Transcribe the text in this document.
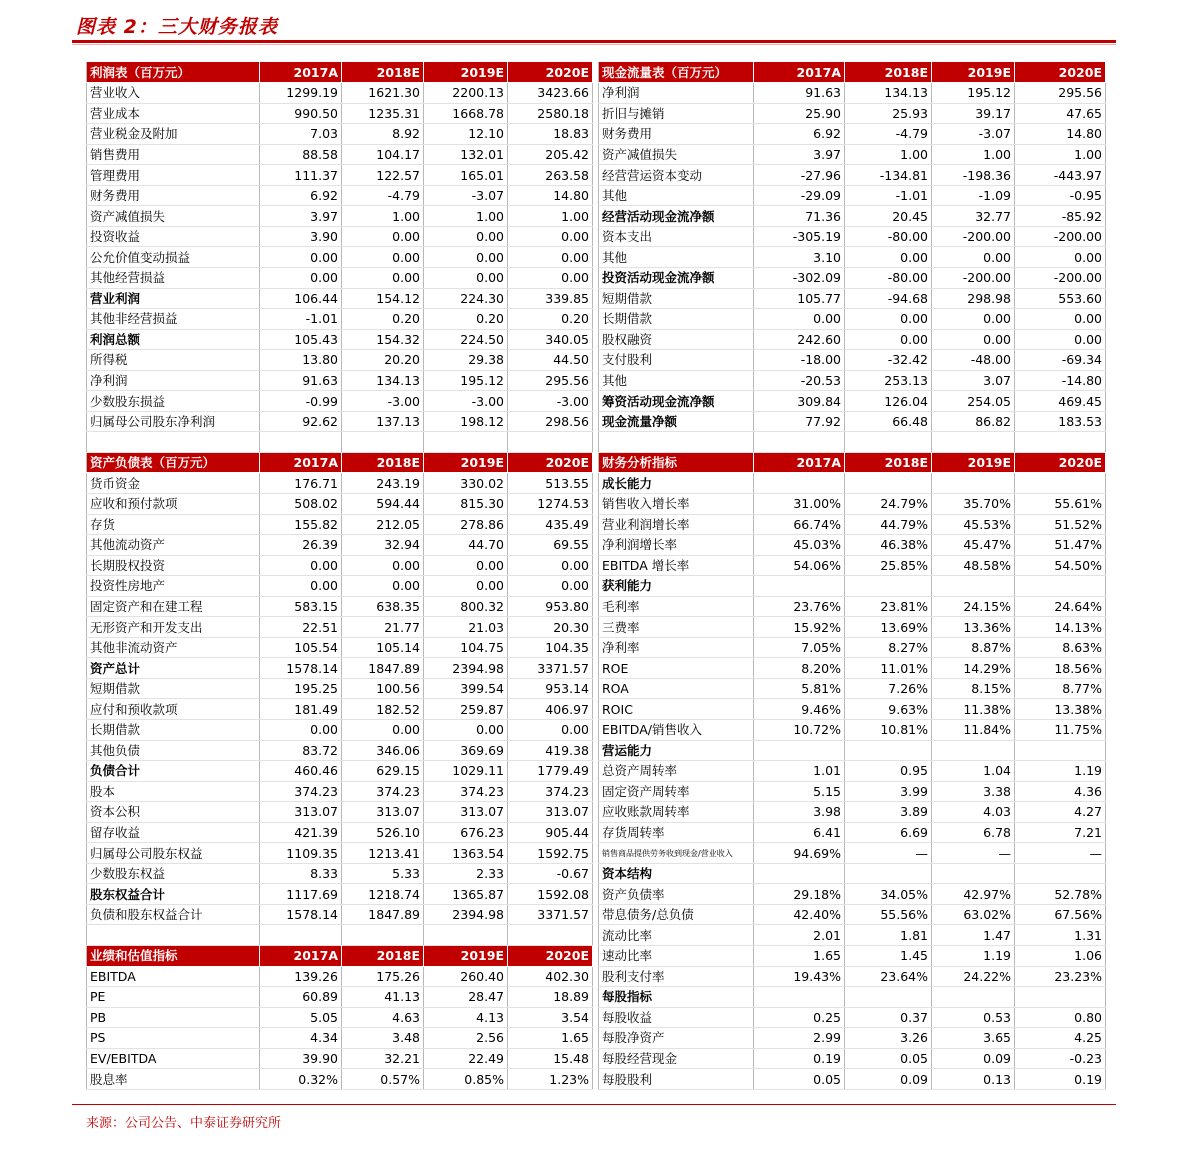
图表 2：三大财务报表
利润表（百万元）	2017A	2018E	2019E	2020E
营业收入	1299.19	1621.30	2200.13	3423.66
营业成本	990.50	1235.31	1668.78	2580.18
营业税金及附加	7.03	8.92	12.10	18.83
销售费用	88.58	104.17	132.01	205.42
管理费用	111.37	122.57	165.01	263.58
财务费用	6.92	-4.79	-3.07	14.80
资产减值损失	3.97	1.00	1.00	1.00
投资收益	3.90	0.00	0.00	0.00
公允价值变动损益	0.00	0.00	0.00	0.00
其他经营损益	0.00	0.00	0.00	0.00
营业利润	106.44	154.12	224.30	339.85
其他非经营损益	-1.01	0.20	0.20	0.20
利润总额	105.43	154.32	224.50	340.05
所得税	13.80	20.20	29.38	44.50
净利润	91.63	134.13	195.12	295.56
少数股东损益	-0.99	-3.00	-3.00	-3.00
归属母公司股东净利润	92.62	137.13	198.12	298.56

资产负债表（百万元）	2017A	2018E	2019E	2020E
货币资金	176.71	243.19	330.02	513.55
应收和预付款项	508.02	594.44	815.30	1274.53
存货	155.82	212.05	278.86	435.49
其他流动资产	26.39	32.94	44.70	69.55
长期股权投资	0.00	0.00	0.00	0.00
投资性房地产	0.00	0.00	0.00	0.00
固定资产和在建工程	583.15	638.35	800.32	953.80
无形资产和开发支出	22.51	21.77	21.03	20.30
其他非流动资产	105.54	105.14	104.75	104.35
资产总计	1578.14	1847.89	2394.98	3371.57
短期借款	195.25	100.56	399.54	953.14
应付和预收款项	181.49	182.52	259.87	406.97
长期借款	0.00	0.00	0.00	0.00
其他负债	83.72	346.06	369.69	419.38
负债合计	460.46	629.15	1029.11	1779.49
股本	374.23	374.23	374.23	374.23
资本公积	313.07	313.07	313.07	313.07
留存收益	421.39	526.10	676.23	905.44
归属母公司股东权益	1109.35	1213.41	1363.54	1592.75
少数股东权益	8.33	5.33	2.33	-0.67
股东权益合计	1117.69	1218.74	1365.87	1592.08
负债和股东权益合计	1578.14	1847.89	2394.98	3371.57

业绩和估值指标	2017A	2018E	2019E	2020E
EBITDA	139.26	175.26	260.40	402.30
PE	60.89	41.13	28.47	18.89
PB	5.05	4.63	4.13	3.54
PS	4.34	3.48	2.56	1.65
EV/EBITDA	39.90	32.21	22.49	15.48
股息率	0.32%	0.57%	0.85%	1.23%
现金流量表（百万元）	2017A	2018E	2019E	2020E
净利润	91.63	134.13	195.12	295.56
折旧与摊销	25.90	25.93	39.17	47.65
财务费用	6.92	-4.79	-3.07	14.80
资产减值损失	3.97	1.00	1.00	1.00
经营营运资本变动	-27.96	-134.81	-198.36	-443.97
其他	-29.09	-1.01	-1.09	-0.95
经营活动现金流净额	71.36	20.45	32.77	-85.92
资本支出	-305.19	-80.00	-200.00	-200.00
其他	3.10	0.00	0.00	0.00
投资活动现金流净额	-302.09	-80.00	-200.00	-200.00
短期借款	105.77	-94.68	298.98	553.60
长期借款	0.00	0.00	0.00	0.00
股权融资	242.60	0.00	0.00	0.00
支付股利	-18.00	-32.42	-48.00	-69.34
其他	-20.53	253.13	3.07	-14.80
筹资活动现金流净额	309.84	126.04	254.05	469.45
现金流量净额	77.92	66.48	86.82	183.53

财务分析指标	2017A	2018E	2019E	2020E
成长能力				
销售收入增长率	31.00%	24.79%	35.70%	55.61%
营业利润增长率	66.74%	44.79%	45.53%	51.52%
净利润增长率	45.03%	46.38%	45.47%	51.47%
EBITDA 增长率	54.06%	25.85%	48.58%	54.50%
获利能力				
毛利率	23.76%	23.81%	24.15%	24.64%
三费率	15.92%	13.69%	13.36%	14.13%
净利率	7.05%	8.27%	8.87%	8.63%
ROE	8.20%	11.01%	14.29%	18.56%
ROA	5.81%	7.26%	8.15%	8.77%
ROIC	9.46%	9.63%	11.38%	13.38%
EBITDA/销售收入	10.72%	10.81%	11.84%	11.75%
营运能力				
总资产周转率	1.01	0.95	1.04	1.19
固定资产周转率	5.15	3.99	3.38	4.36
应收账款周转率	3.98	3.89	4.03	4.27
存货周转率	6.41	6.69	6.78	7.21
销售商品提供劳务收到现金/营业收入	94.69%	—	—	—
资本结构				
资产负债率	29.18%	34.05%	42.97%	52.78%
带息债务/总负债	42.40%	55.56%	63.02%	67.56%
流动比率	2.01	1.81	1.47	1.31
速动比率	1.65	1.45	1.19	1.06
股利支付率	19.43%	23.64%	24.22%	23.23%
每股指标				
每股收益	0.25	0.37	0.53	0.80
每股净资产	2.99	3.26	3.65	4.25
每股经营现金	0.19	0.05	0.09	-0.23
每股股利	0.05	0.09	0.13	0.19
来源：公司公告、中泰证券研究所
